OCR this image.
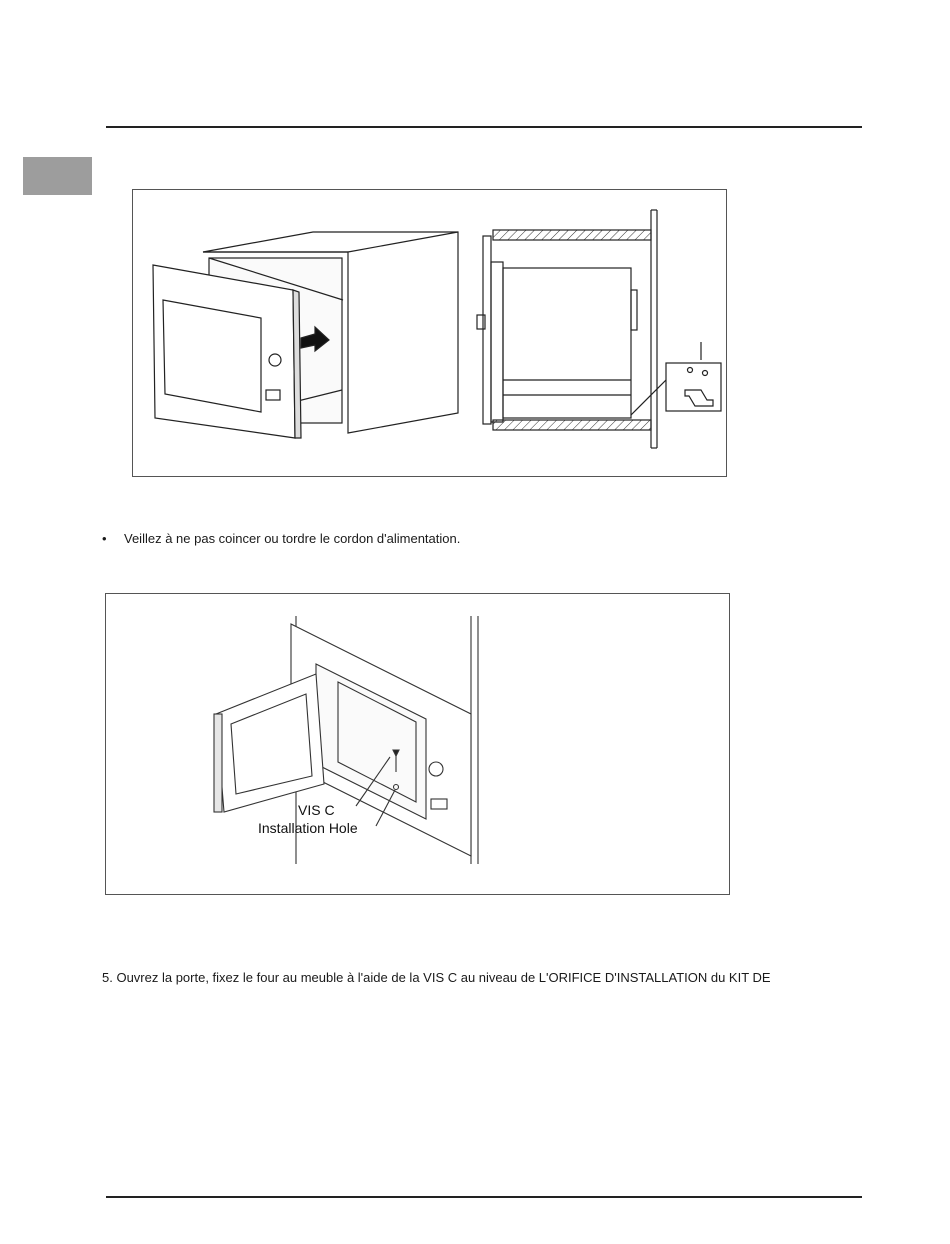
• Veillez à ne pas coincer ou tordre le cordon d'alimentation.
VIS C
Installation Hole
5. Ouvrez la porte, fixez le four au meuble à l'aide de la VIS C au niveau de L'ORIFICE D'INSTALLATION du KIT DE
